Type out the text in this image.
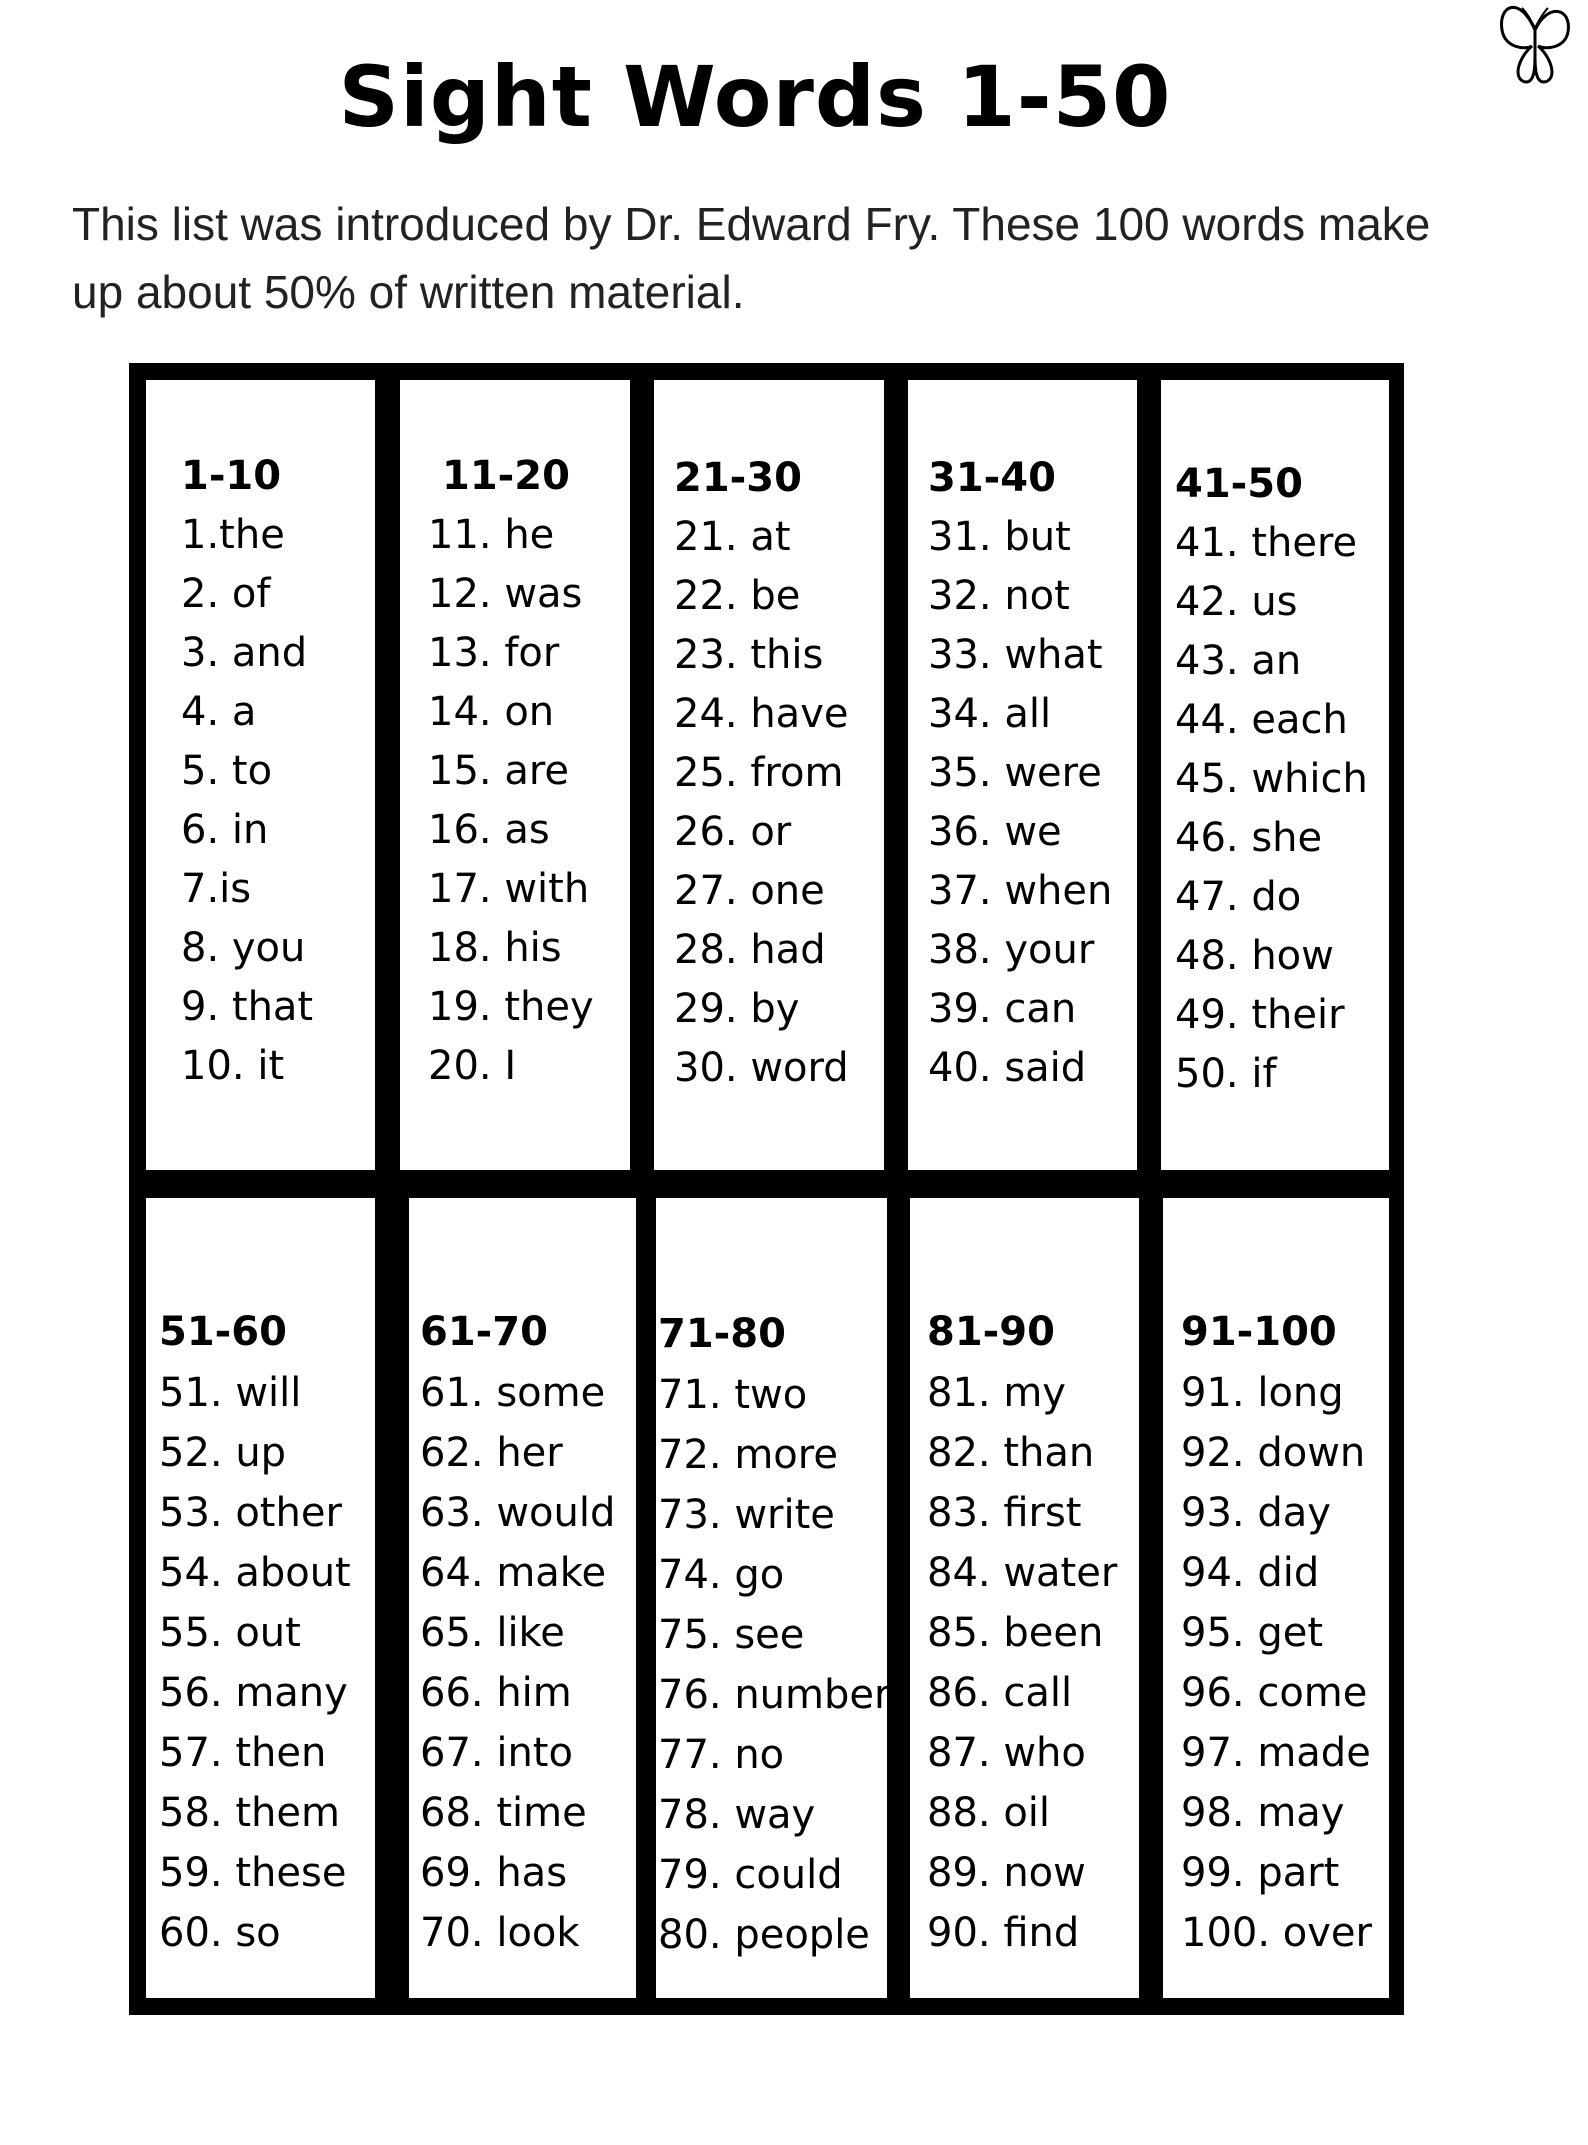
Sight Words 1-50

This list was introduced by Dr. Edward Fry. These 100 words make up about 50% of written material.

1-10
1.the
2. of
3. and
4. a
5. to
6. in
7.is
8. you
9. that
10. it
11-20
11. he
12. was
13. for
14. on
15. are
16. as
17. with
18. his
19. they
20. I
21-30
21. at
22. be
23. this
24. have
25. from
26. or
27. one
28. had
29. by
30. word
31-40
31. but
32. not
33. what
34. all
35. were
36. we
37. when
38. your
39. can
40. said
41-50
41. there
42. us
43. an
44. each
45. which
46. she
47. do
48. how
49. their
50. if
51-60
51. will
52. up
53. other
54. about
55. out
56. many
57. then
58. them
59. these
60. so
61-70
61. some
62. her
63. would
64. make
65. like
66. him
67. into
68. time
69. has
70. look
71-80
71. two
72. more
73. write
74. go
75. see
76. number
77. no
78. way
79. could
80. people
81-90
81. my
82. than
83. first
84. water
85. been
86. call
87. who
88. oil
89. now
90. find
91-100
91. long
92. down
93. day
94. did
95. get
96. come
97. made
98. may
99. part
100. over
